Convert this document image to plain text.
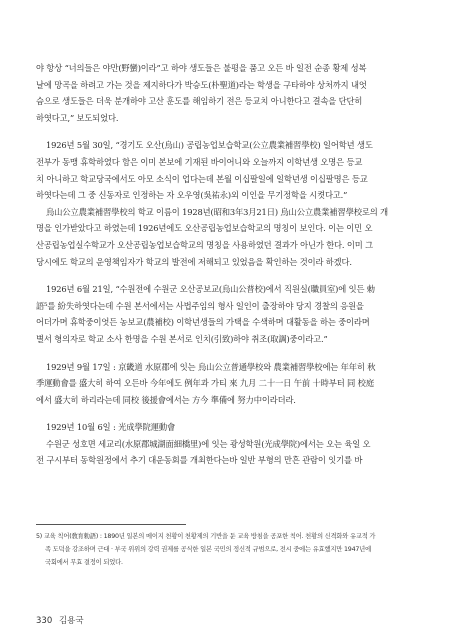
야 항상 “너의들은 야만(野蠻)이라”고 하야 생도들은 불평을 품고 오든 바 일전 순종 황제 성복
날에 망곡을 하려고 가는 것을 제지하다가 박승도(朴聖道)라는 학생을 구타하야 상처까지 내엇
슴으로 생도들은 더욱 분개하야 고산 훈도를 해임하기 전은 등교치 아니한다고 결속을 단단히
하엿다고,” 보도되었다.

1926년 5월 30일, “경기도 오산(烏山) 공립농업보습학교(公立農業補習學校) 일어학년 생도
전부가 동맹 휴학하였다 함은 이미 본보에 기재된 바이어니와 오늘까지 이학년생 오명은 등교
치 아니하고 학교당국에서도 아모 소식이 업다는데 본월 이십팔일에 일학년생 이십팔명은 등교
하엿다는데 그 중 신동자로 인정하는 자 오우영(吳祐永)외 이인을 무기정학을 시켯다고.”
烏山公立農業補習學校의 학교 이름이 1928년(昭和3年3月21日) 烏山公立農業補習學校로의 개
명을 인가받았다고 하였는데 1926년에도 오산공립농업보습학교의 명칭이 보인다. 이는 이민 오
산공립농업실수학교가 오산공립농업보습학교의 명칭을 사용하였던 결과가 아닌가 한다. 이미 그
당시에도 학교의 운영책임자가 학교의 발전에 저해되고 있었음을 확인하는 것이라 하겠다.

1926년 6월 21일, “수원전에 수원군 오산공보교(烏山公普校)에서 직원실(職員室)에 잇든 勅
語⁵를 紛失하엿다는데 수원 본서에서는 사법주임의 형사 일인이 출장하야 당지 경찰의 응원을
어더가며 휴학중이엇든 농보교(農補校) 이학년생들의 가택을 수색하며 대활동을 하는 중이라며
별서 형의자로 학교 소사 한명을 수원 본서로 인치(引致)하야 취조(取調)중이라고.”

1929년 9월 17일 : 京畿道 水原郡에 잇는 烏山公立普通學校와 農業補習學校에는 年年히 秋
季運動會를 盛大히 하여 오든바 今年에도 例年과 가티 來 九月 二十一日 午前 十時부터 同 校庭
에서 盛大히 하리라는데 同校 後援會에서는 方今 準備에 努力中이라더라.

1929년 10월 6일 : 光成學院運動會
수원군 성호면 세교리(水原郡城湖面細橋里)에 잇는 광성학원(光成學院)에서는 오는 육일 오
전 구시부터 동학원정에서 추기 대운동회를 개최한다는바 일반 부형의 만흔 관람이 잇기를 바

5) 교육 칙어(敎育勅語) : 1890년 일본의 메이지 천황이 천황제의 기반을 둔 교육 방침을 공포한 칙어. 천황의 신격화와 유교적 가
족 도덕을 강조하며 근대 · 부국 위위의 강력 권제를 공식한 일본 국민의 정신적 규범으로, 전시 중에는 유효했지만 1947년에
국회에서 무효 결정이 되었다.
330 김용국
